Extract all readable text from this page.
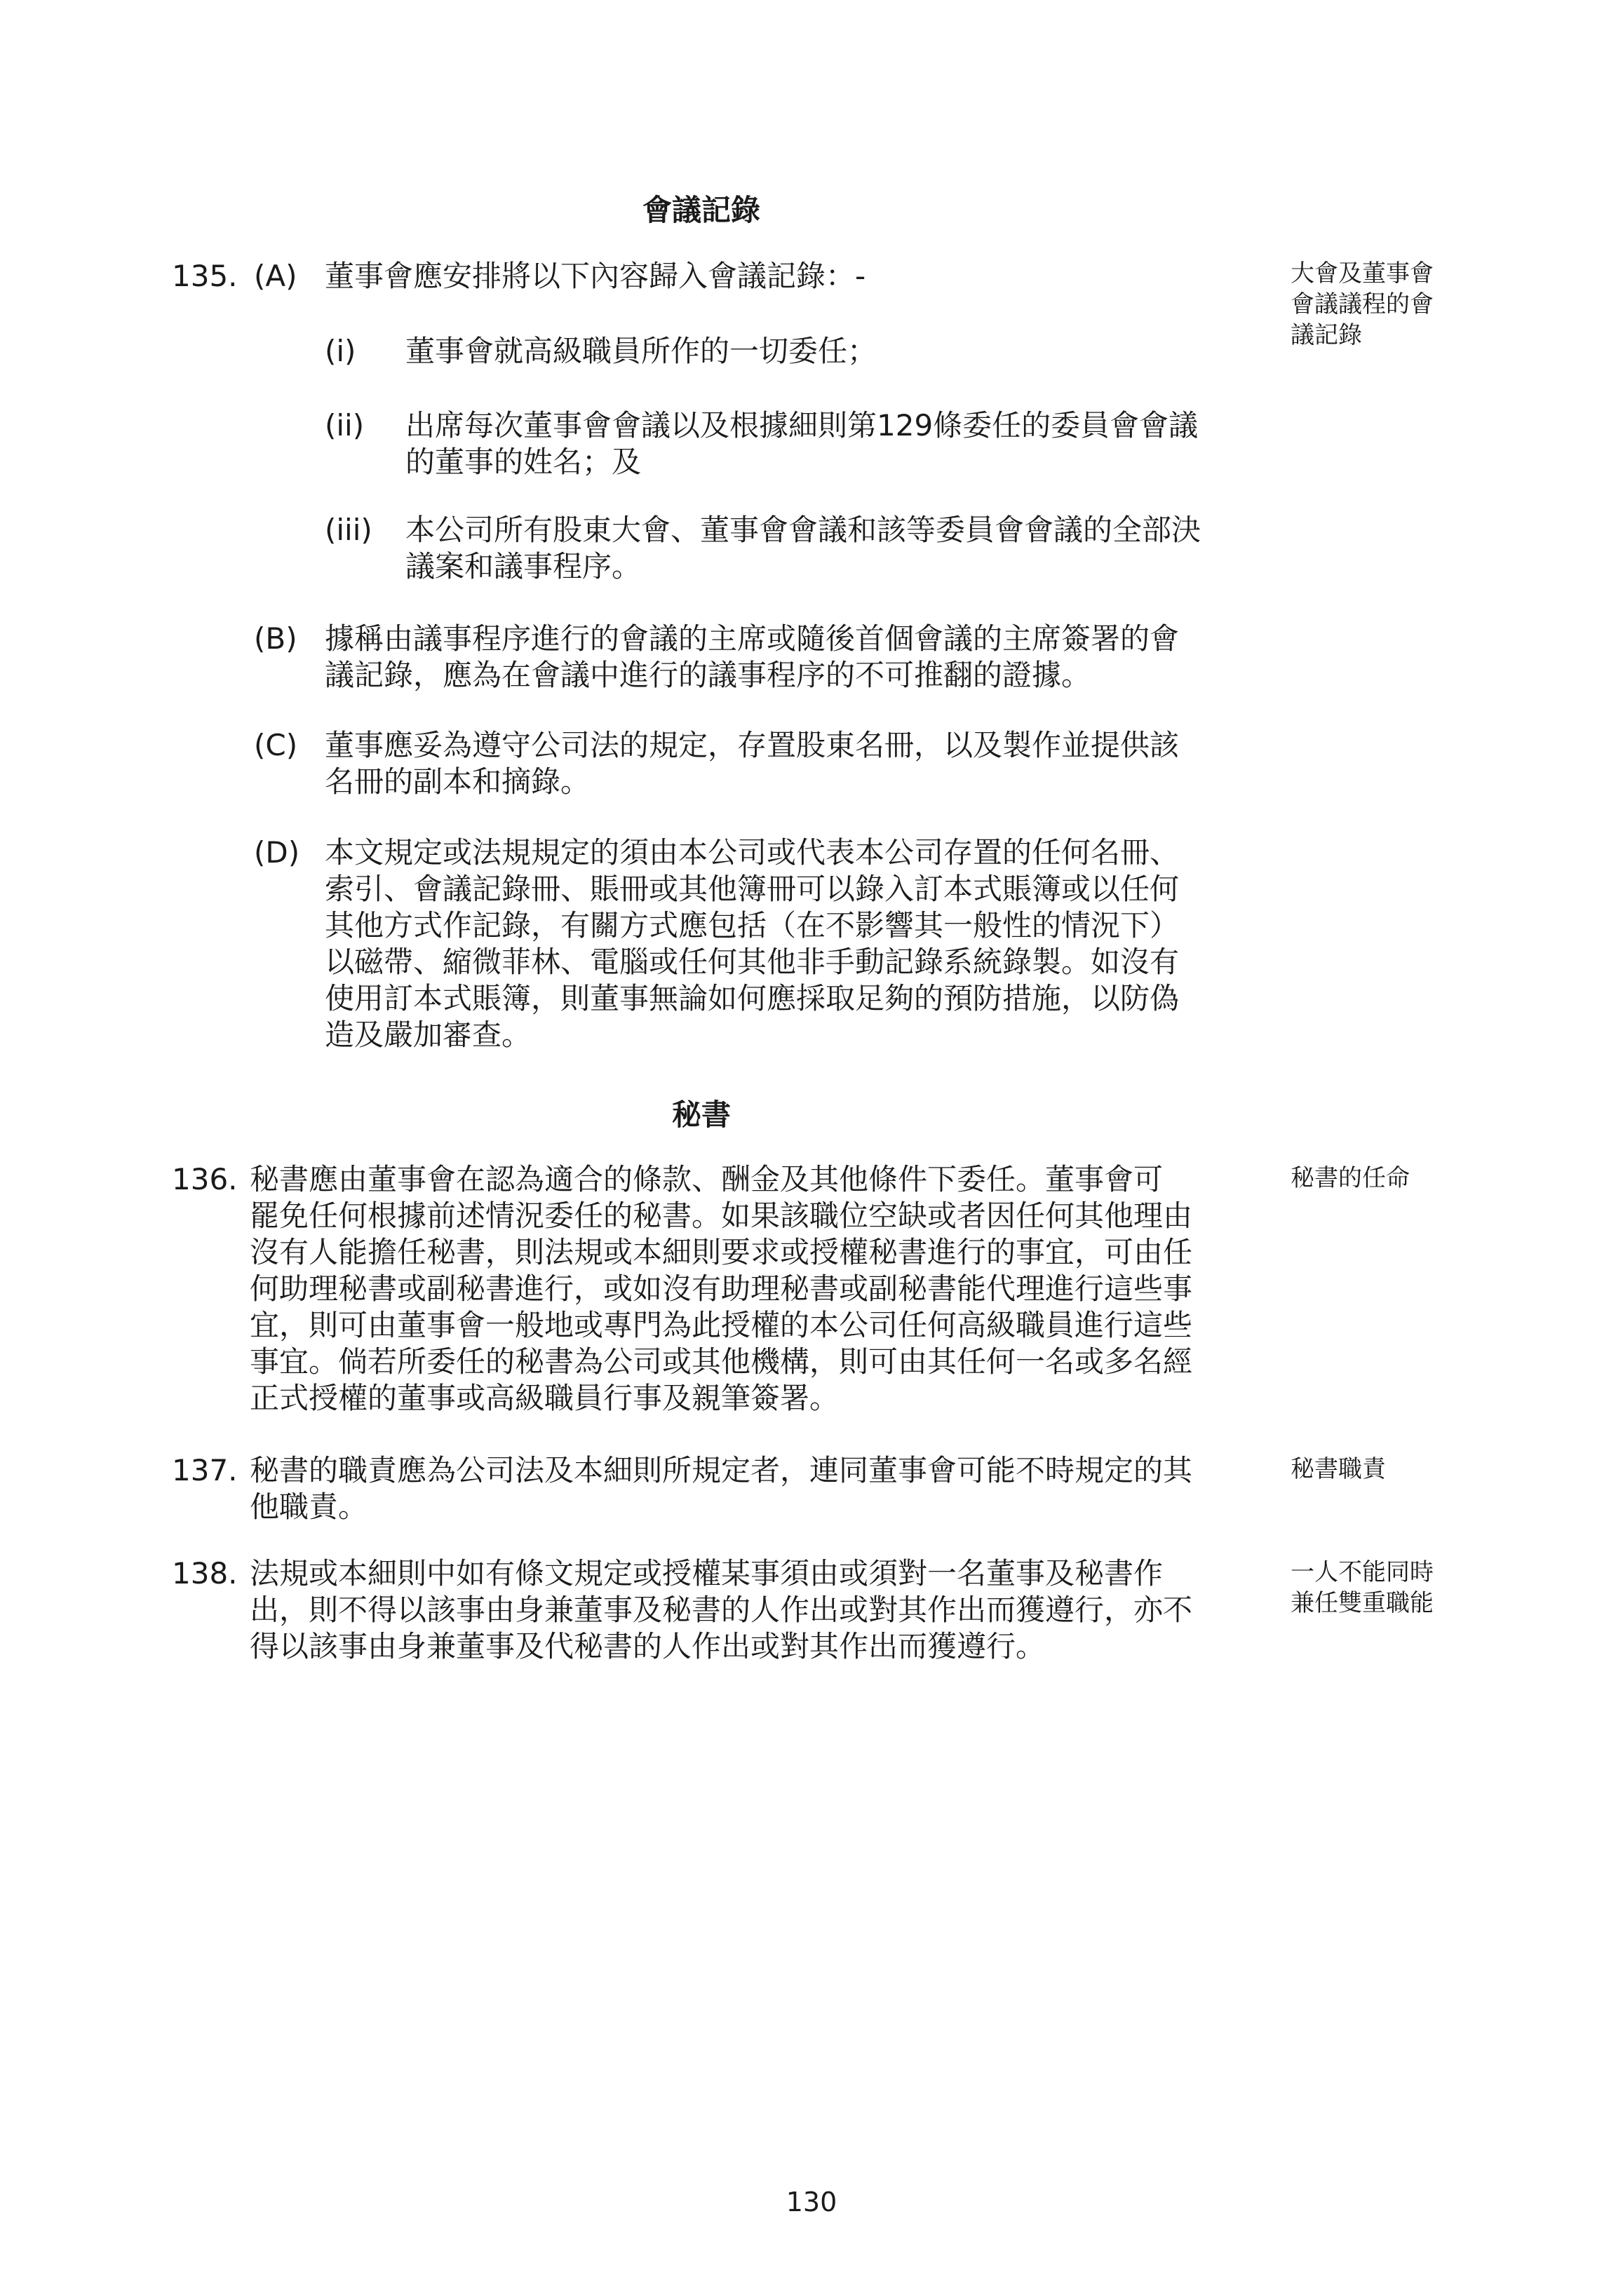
會議記錄

135. (A) 董事會應安排將以下內容歸入會議記錄：-	大會及董事會
會議議程的會
議記錄

(i) 董事會就高級職員所作的一切委任；

(ii) 出席每次董事會會議以及根據細則第129條委任的委員會會議
的董事的姓名；及

(iii) 本公司所有股東大會、董事會會議和該等委員會會議的全部決
議案和議事程序。

(B) 據稱由議事程序進行的會議的主席或隨後首個會議的主席簽署的會
議記錄，應為在會議中進行的議事程序的不可推翻的證據。

(C) 董事應妥為遵守公司法的規定，存置股東名冊，以及製作並提供該
名冊的副本和摘錄。

(D) 本文規定或法規規定的須由本公司或代表本公司存置的任何名冊、
索引、會議記錄冊、賬冊或其他簿冊可以錄入訂本式賬簿或以任何
其他方式作記錄，有關方式應包括（在不影響其一般性的情況下）
以磁帶、縮微菲林、電腦或任何其他非手動記錄系統錄製。如沒有
使用訂本式賬簿，則董事無論如何應採取足夠的預防措施，以防偽
造及嚴加審查。
秘書

136. 秘書應由董事會在認為適合的條款、酬金及其他條件下委任。董事會可
罷免任何根據前述情況委任的秘書。如果該職位空缺或者因任何其他理由
沒有人能擔任秘書，則法規或本細則要求或授權秘書進行的事宜，可由任
何助理秘書或副秘書進行，或如沒有助理秘書或副秘書能代理進行這些事
宜，則可由董事會一般地或專門為此授權的本公司任何高級職員進行這些
事宜。倘若所委任的秘書為公司或其他機構，則可由其任何一名或多名經
正式授權的董事或高級職員行事及親筆簽署。
秘書的任命

137. 秘書的職責應為公司法及本細則所規定者，連同董事會可能不時規定的其
他職責。
秘書職責

138. 法規或本細則中如有條文規定或授權某事須由或須對一名董事及秘書作
出，則不得以該事由身兼董事及秘書的人作出或對其作出而獲遵行，亦不
得以該事由身兼董事及代秘書的人作出或對其作出而獲遵行。
一人不能同時
兼任雙重職能

130
